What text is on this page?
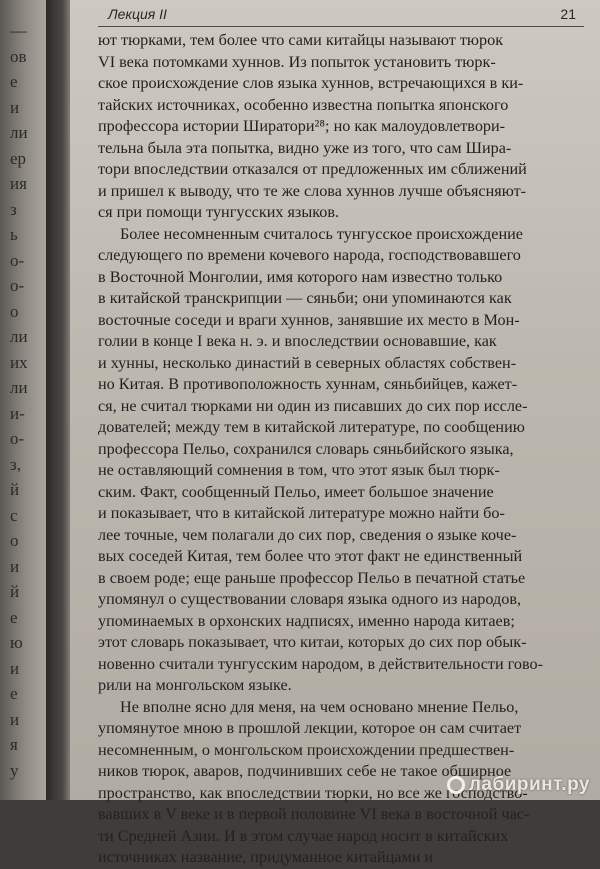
—
ов
е
и
ли
ер
ия
з
ь
о-
о-
о
ли
их
ли
и-
о-
з,
й
с
о
и
й
е
ю
и
е
и
я
у
Лекция II	21
ют тюрками, тем более что сами китайцы называют тюрок
VI века потомками хуннов. Из попыток установить тюрк-
ское происхождение слов языка хуннов, встречающихся в ки-
тайских источниках, особенно известна попытка японского
профессора истории Ширатори²⁸; но как малоудовлетвори-
тельна была эта попытка, видно уже из того, что сам Шира-
тори впоследствии отказался от предложенных им сближений
и пришел к выводу, что те же слова хуннов лучше объясняют-
ся при помощи тунгусских языков.
Более несомненным считалось тунгусское происхождение
следующего по времени кочевого народа, господствовавшего
в Восточной Монголии, имя которого нам известно только
в китайской транскрипции — сяньби; они упоминаются как
восточные соседи и враги хуннов, занявшие их место в Мон-
голии в конце I века н. э. и впоследствии основавшие, как
и хунны, несколько династий в северных областях собствен-
но Китая. В противоположность хуннам, сяньбийцев, кажет-
ся, не считал тюрками ни один из писавших до сих пор иссле-
дователей; между тем в китайской литературе, по сообщению
профессора Пельо, сохранился словарь сяньбийского языка,
не оставляющий сомнения в том, что этот язык был тюрк-
ским. Факт, сообщенный Пельо, имеет большое значение
и показывает, что в китайской литературе можно найти бо-
лее точные, чем полагали до сих пор, сведения о языке коче-
вых соседей Китая, тем более что этот факт не единственный
в своем роде; еще раньше профессор Пельо в печатной статье
упомянул о существовании словаря языка одного из народов,
упоминаемых в орхонских надписях, именно народа китаев;
этот словарь показывает, что китаи, которых до сих пор обык-
новенно считали тунгусским народом, в действительности гово-
рили на монгольском языке.
Не вполне ясно для меня, на чем основано мнение Пельо,
упомянутое мною в прошлой лекции, которое он сам считает
несомненным, о монгольском происхождении предшествен-
ников тюрок, аваров, подчинивших себе не такое обширное
пространство, как впоследствии тюрки, но все же господство-
вавших в V веке и в первой половине VI века в восточной час-
ти Средней Азии. И в этом случае народ носит в китайских
источниках название, придуманное китайцами и
лабиринт.ру
